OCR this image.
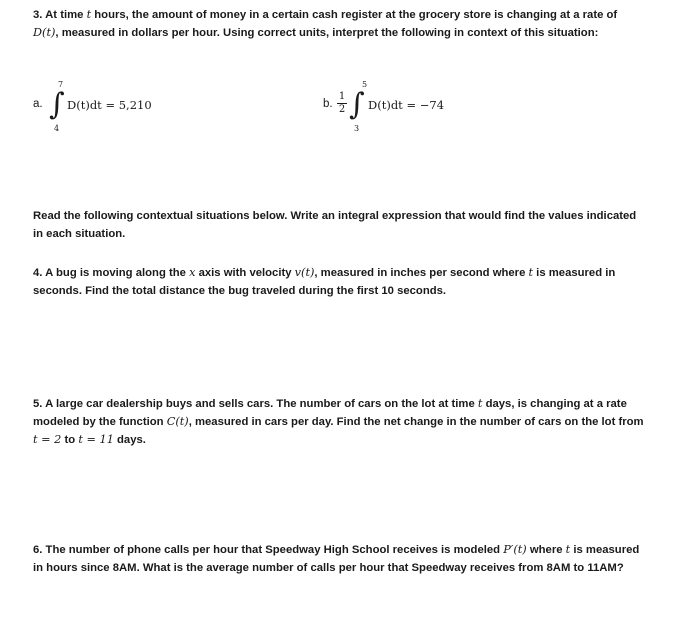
3. At time t hours, the amount of money in a certain cash register at the grocery store is changing at a rate of D(t), measured in dollars per hour. Using correct units, interpret the following in context of this situation:

a.
7
∫
4
D(t)dt = 5,210	b.
1
2
5
∫
3
D(t)dt = −74

Read the following contextual situations below. Write an integral expression that would find the values indicated in each situation.

4. A bug is moving along the x axis with velocity v(t), measured in inches per second where t is measured in seconds. Find the total distance the bug traveled during the first 10 seconds.

5. A large car dealership buys and sells cars. The number of cars on the lot at time t days, is changing at a rate modeled by the function C(t), measured in cars per day. Find the net change in the number of cars on the lot from t = 2 to t = 11 days.

6. The number of phone calls per hour that Speedway High School receives is modeled P′(t) where t is measured in hours since 8AM. What is the average number of calls per hour that Speedway receives from 8AM to 11AM?
